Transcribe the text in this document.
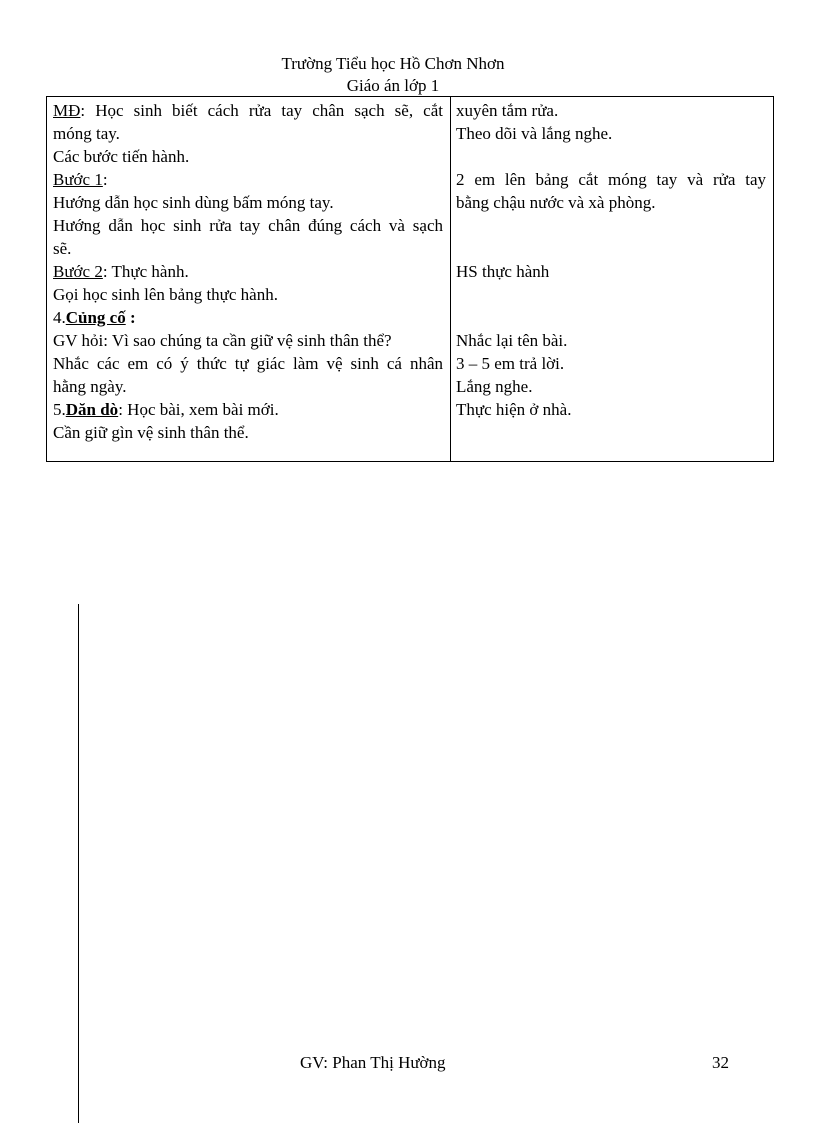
Trường Tiểu học Hồ Chơn Nhơn
Giáo án lớp 1
MĐ: Học sinh biết cách rửa tay chân sạch sẽ, cắt
móng tay.
Các bước tiến hành.
Bước 1:
Hướng dẫn học sinh dùng bấm móng tay.
Hướng dẫn học sinh rửa tay chân đúng cách và sạch
sẽ.
Bước 2: Thực hành.
Gọi học sinh lên bảng thực hành.
4.Củng cố :
GV hỏi: Vì sao chúng ta cần giữ vệ sinh thân thể?
Nhắc các em có ý thức tự giác làm vệ sinh cá nhân
hằng ngày.
5.Dăn dò: Học bài, xem bài mới.
Cần giữ gìn vệ sinh thân thể.
xuyên tắm rửa.
Theo dõi và lắng nghe.
2 em lên bảng cắt móng tay và rửa tay
bằng chậu nước và xà phòng.
HS thực hành
Nhắc lại tên bài.
3 – 5 em trả lời.
Lắng nghe.
Thực hiện ở nhà.
GV: Phan Thị Hường	32
